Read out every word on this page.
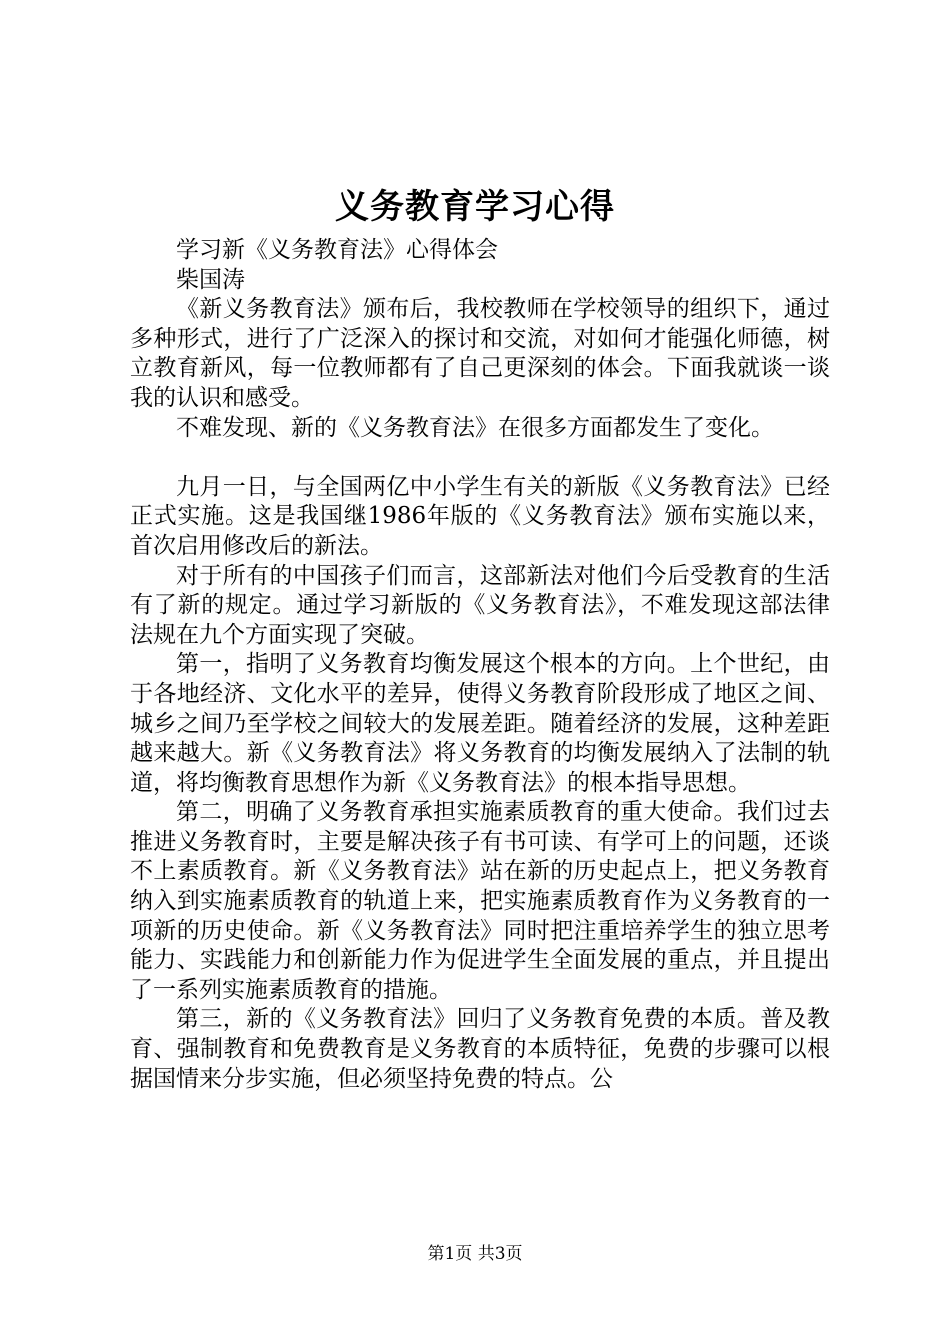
义务教育学习心得

学习新《义务教育法》心得体会

柴国涛

《新义务教育法》颁布后，我校教师在学校领导的组织下，通过多种形式，进行了广泛深入的探讨和交流，对如何才能强化师德，树立教育新风，每一位教师都有了自己更深刻的体会。下面我就谈一谈我的认识和感受。

不难发现、新的《义务教育法》在很多方面都发生了变化。

九月一日，与全国两亿中小学生有关的新版《义务教育法》已经正式实施。这是我国继1986年版的《义务教育法》颁布实施以来，首次启用修改后的新法。

对于所有的中国孩子们而言，这部新法对他们今后受教育的生活有了新的规定。通过学习新版的《义务教育法》，不难发现这部法律法规在九个方面实现了突破。

第一，指明了义务教育均衡发展这个根本的方向。上个世纪，由于各地经济、文化水平的差异，使得义务教育阶段形成了地区之间、城乡之间乃至学校之间较大的发展差距。随着经济的发展，这种差距越来越大。新《义务教育法》将义务教育的均衡发展纳入了法制的轨道，将均衡教育思想作为新《义务教育法》的根本指导思想。

第二，明确了义务教育承担实施素质教育的重大使命。我们过去推进义务教育时，主要是解决孩子有书可读、有学可上的问题，还谈不上素质教育。新《义务教育法》站在新的历史起点上，把义务教育纳入到实施素质教育的轨道上来，把实施素质教育作为义务教育的一项新的历史使命。新《义务教育法》同时把注重培养学生的独立思考能力、实践能力和创新能力作为促进学生全面发展的重点，并且提出了一系列实施素质教育的措施。

第三，新的《义务教育法》回归了义务教育免费的本质。普及教育、强制教育和免费教育是义务教育的本质特征，免费的步骤可以根据国情来分步实施，但必须坚持免费的特点。公

第1页 共3页
